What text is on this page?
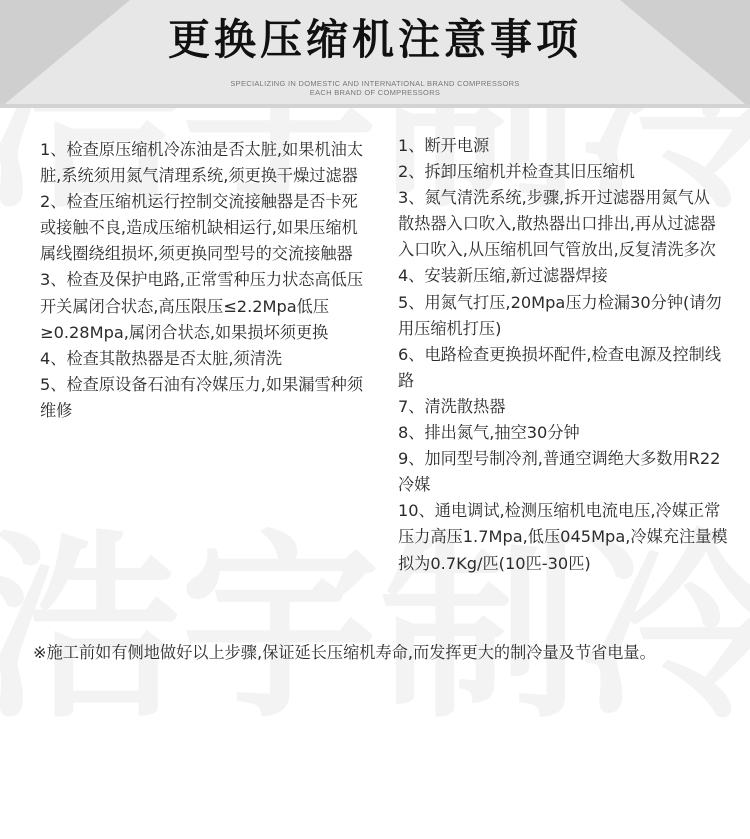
更换压缩机注意事项
SPECIALIZING IN DOMESTIC AND INTERNATIONAL BRAND COMPRESSORS
EACH BRAND OF COMPRESSORS

1、检查原压缩机冷冻油是否太脏,如果机油太脏,系统须用氮气清理系统,须更换干燥过滤器

2、检查压缩机运行控制交流接触器是否卡死或接触不良,造成压缩机缺相运行,如果压缩机属线圈绕组损坏,须更换同型号的交流接触器

3、检查及保护电路,正常雪种压力状态高低压开关属闭合状态,高压限压≤2.2Mpa低压≥0.28Mpa,属闭合状态,如果损坏须更换

4、检查其散热器是否太脏,须清洗

5、检查原设备石油有冷媒压力,如果漏雪种须维修

1、断开电源

2、拆卸压缩机并检查其旧压缩机

3、氮气清洗系统,步骤,拆开过滤器用氮气从

散热器入口吹入,散热器出口排出,再从过滤器入口吹入,从压缩机回气管放出,反复清洗多次

4、安装新压缩,新过滤器焊接

5、用氮气打压,20Mpa压力检漏30分钟(请勿用压缩机打压)

6、电路检查更换损坏配件,检查电源及控制线路

7、清洗散热器

8、排出氮气,抽空30分钟

9、加同型号制冷剂,普通空调绝大多数用R22冷媒

10、通电调试,检测压缩机电流电压,冷媒正常压力高压1.7Mpa,低压045Mpa,冷媒充注量模拟为0.7Kg/匹(10匹-30匹)

※施工前如有侧地做好以上步骤,保证延长压缩机寿命,而发挥更大的制冷量及节省电量。
